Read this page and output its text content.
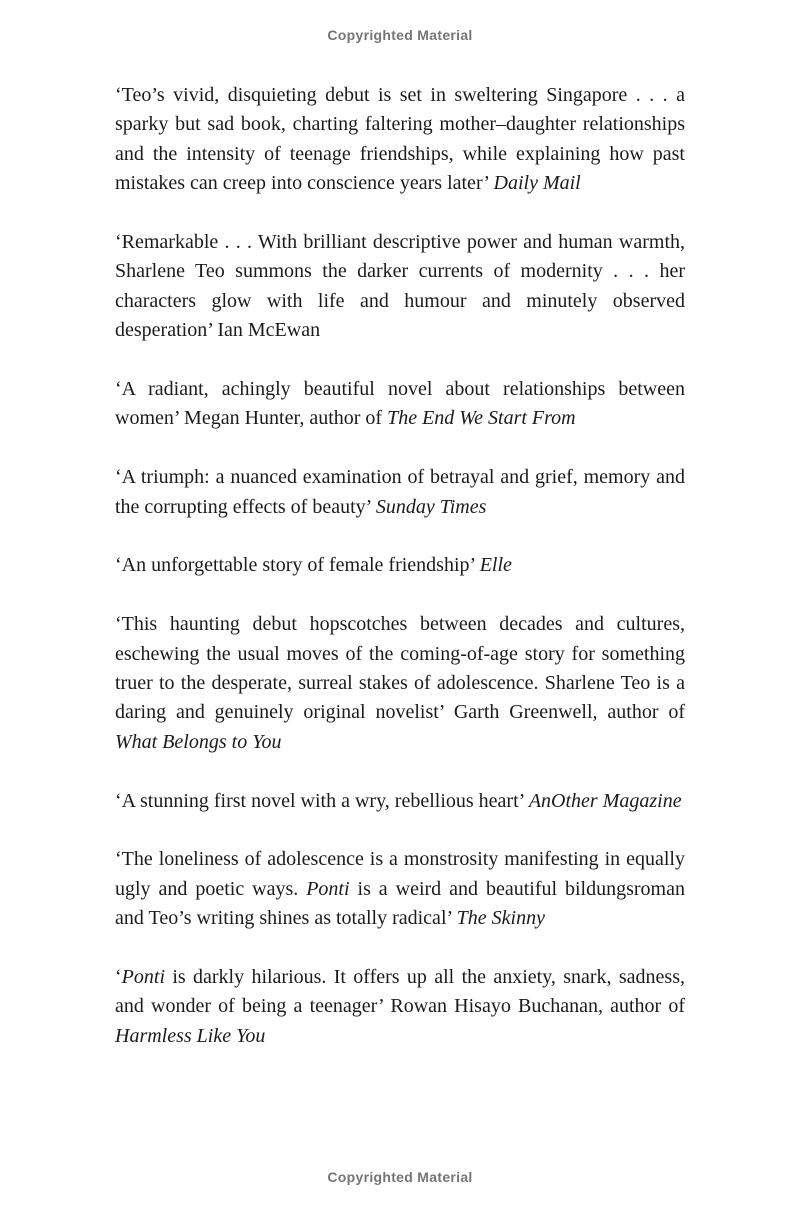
Copyrighted Material

‘Teo’s vivid, disquieting debut is set in sweltering Singapore . . . a sparky but sad book, charting faltering mother–daughter relationships and the intensity of teenage friendships, while explaining how past mistakes can creep into conscience years later’ Daily Mail

‘Remarkable . . . With brilliant descriptive power and human warmth, Sharlene Teo summons the darker currents of modernity . . . her characters glow with life and humour and minutely observed desperation’ Ian McEwan

‘A radiant, achingly beautiful novel about relationships between women’ Megan Hunter, author of The End We Start From

‘A triumph: a nuanced examination of betrayal and grief, memory and the corrupting effects of beauty’ Sunday Times

‘An unforgettable story of female friendship’ Elle

‘This haunting debut hopscotches between decades and cultures, eschewing the usual moves of the coming-of-age story for something truer to the desperate, surreal stakes of adolescence. Sharlene Teo is a daring and genuinely original novelist’ Garth Greenwell, author of What Belongs to You

‘A stunning first novel with a wry, rebellious heart’ AnOther Magazine

‘The loneliness of adolescence is a monstrosity manifesting in equally ugly and poetic ways. Ponti is a weird and beautiful bildungsroman and Teo’s writing shines as totally radical’ The Skinny

‘Ponti is darkly hilarious. It offers up all the anxiety, snark, sadness, and wonder of being a teenager’ Rowan Hisayo Buchanan, author of Harmless Like You

Copyrighted Material
